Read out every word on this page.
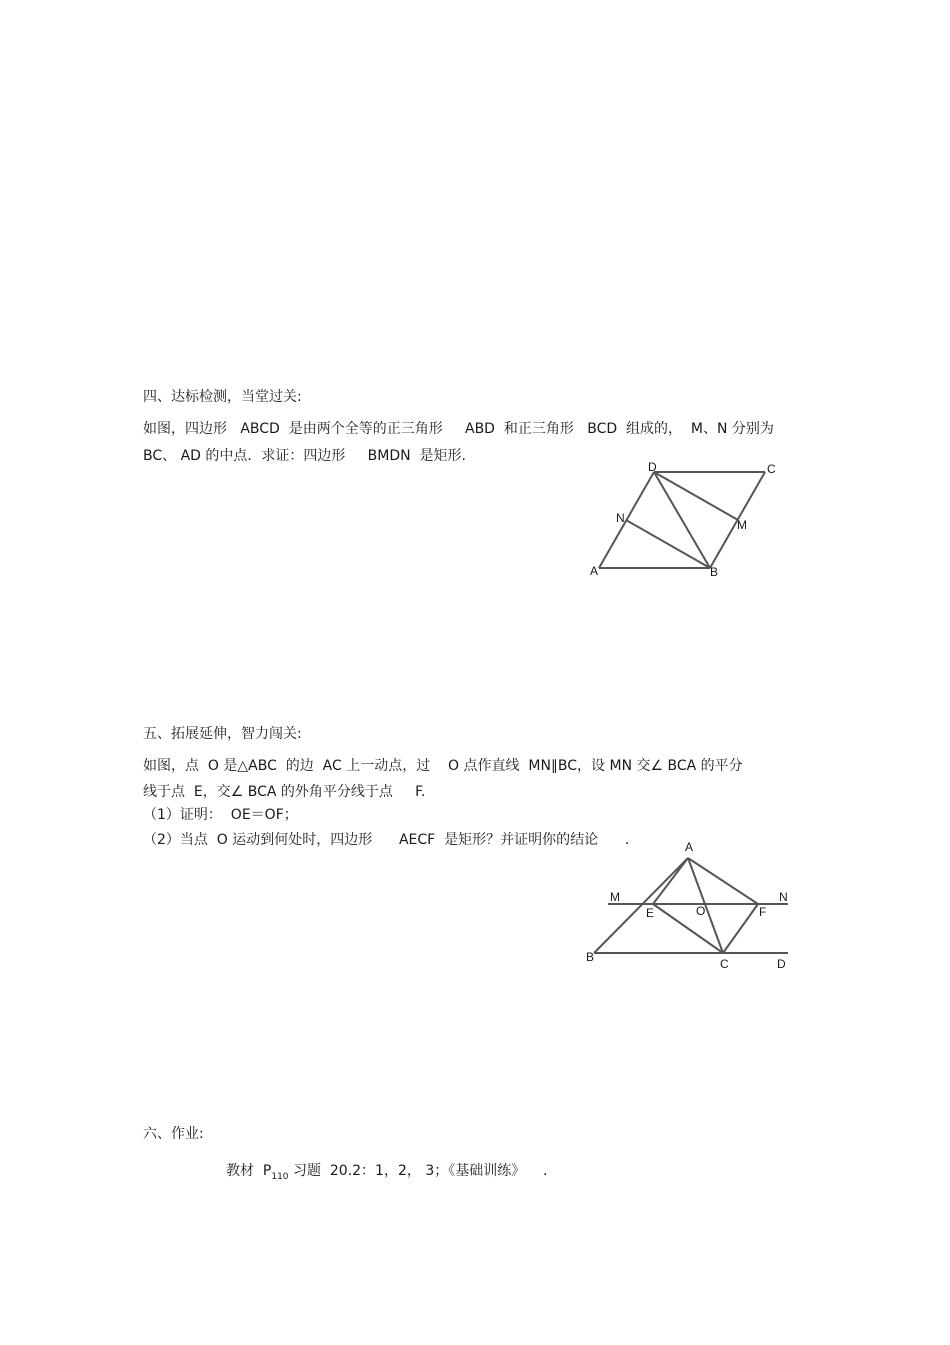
四、达标检测，当堂过关:
如图，四边形   ABCD  是由两个全等的正三角形     ABD  和正三角形   BCD  组成的，  M、N 分别为
BC、 AD 的中点．求证：四边形     BMDN  是矩形.
D	C
N	M
A	B
五、拓展延伸，智力闯关:
如图，点  O 是△ABC  的边  AC 上一动点，过    O 点作直线  MN∥BC，设 MN 交∠ BCA 的平分
线于点  E，交∠ BCA 的外角平分线于点     F.
（1）证明：  OE＝OF；
（2）当点  O 运动到何处时，四边形      AECF  是矩形？并证明你的结论      .	A
M	N
E	O	F
B	C	D
六、作业:
教材  $P_{110}$ 习题  20.2：1，2， 3；《基础训练》    .
